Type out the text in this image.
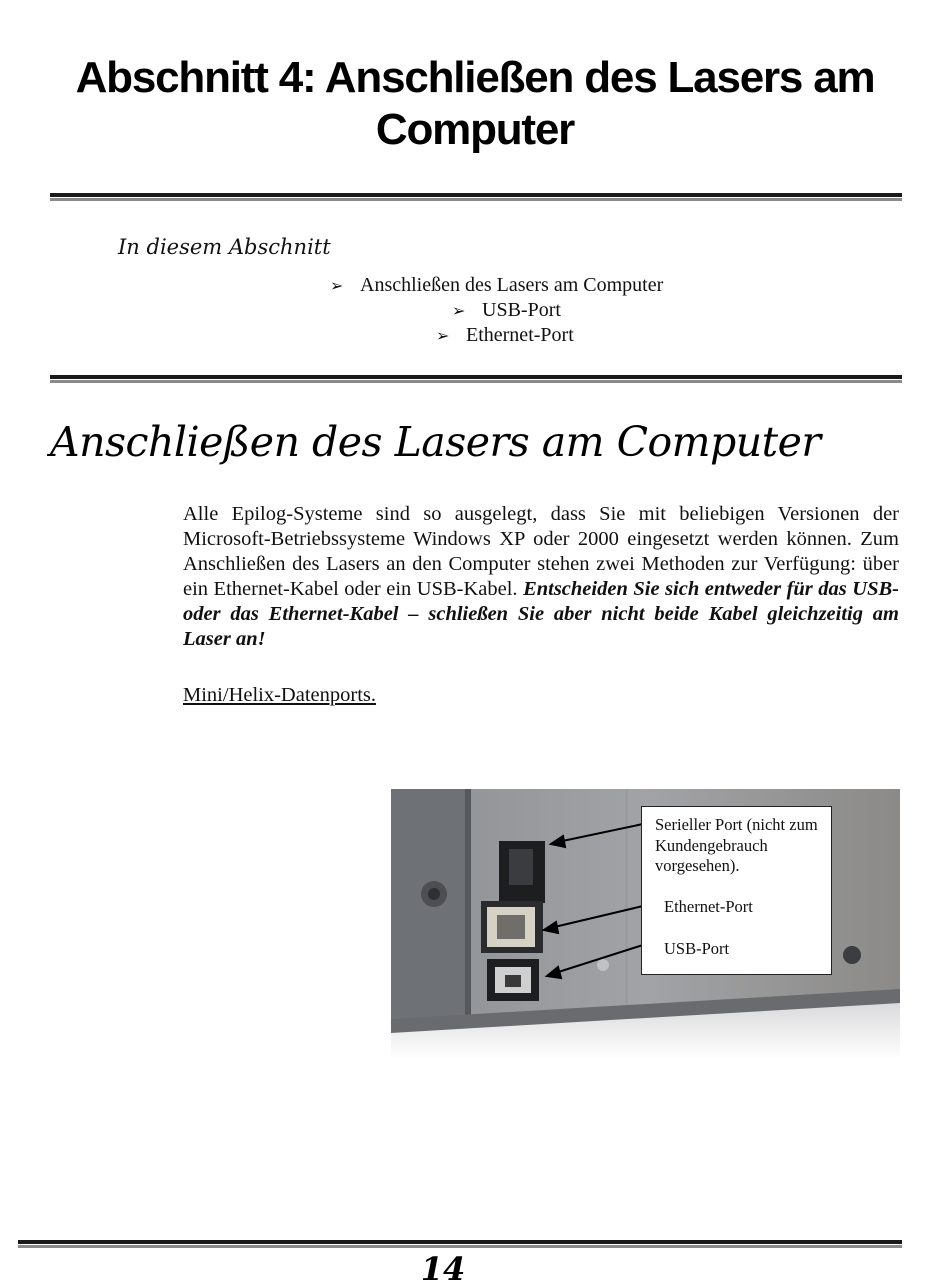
Abschnitt 4: Anschließen des Lasers am Computer
In diesem Abschnitt
➢ Anschließen des Lasers am Computer
➢ USB-Port
➢ Ethernet-Port
Anschließen des Lasers am Computer
Alle Epilog-Systeme sind so ausgelegt, dass Sie mit beliebigen Versionen der Microsoft-Betriebssysteme Windows XP oder 2000 eingesetzt werden können. Zum Anschließen des Lasers an den Computer stehen zwei Methoden zur Verfügung: über ein Ethernet-Kabel oder ein USB-Kabel. Entscheiden Sie sich entweder für das USB- oder das Ethernet-Kabel – schließen Sie aber nicht beide Kabel gleichzeitig am Laser an!
Mini/Helix-Datenports.
Serieller Port (nicht zum Kundengebrauch vorgesehen).
Ethernet-Port
USB-Port
14
